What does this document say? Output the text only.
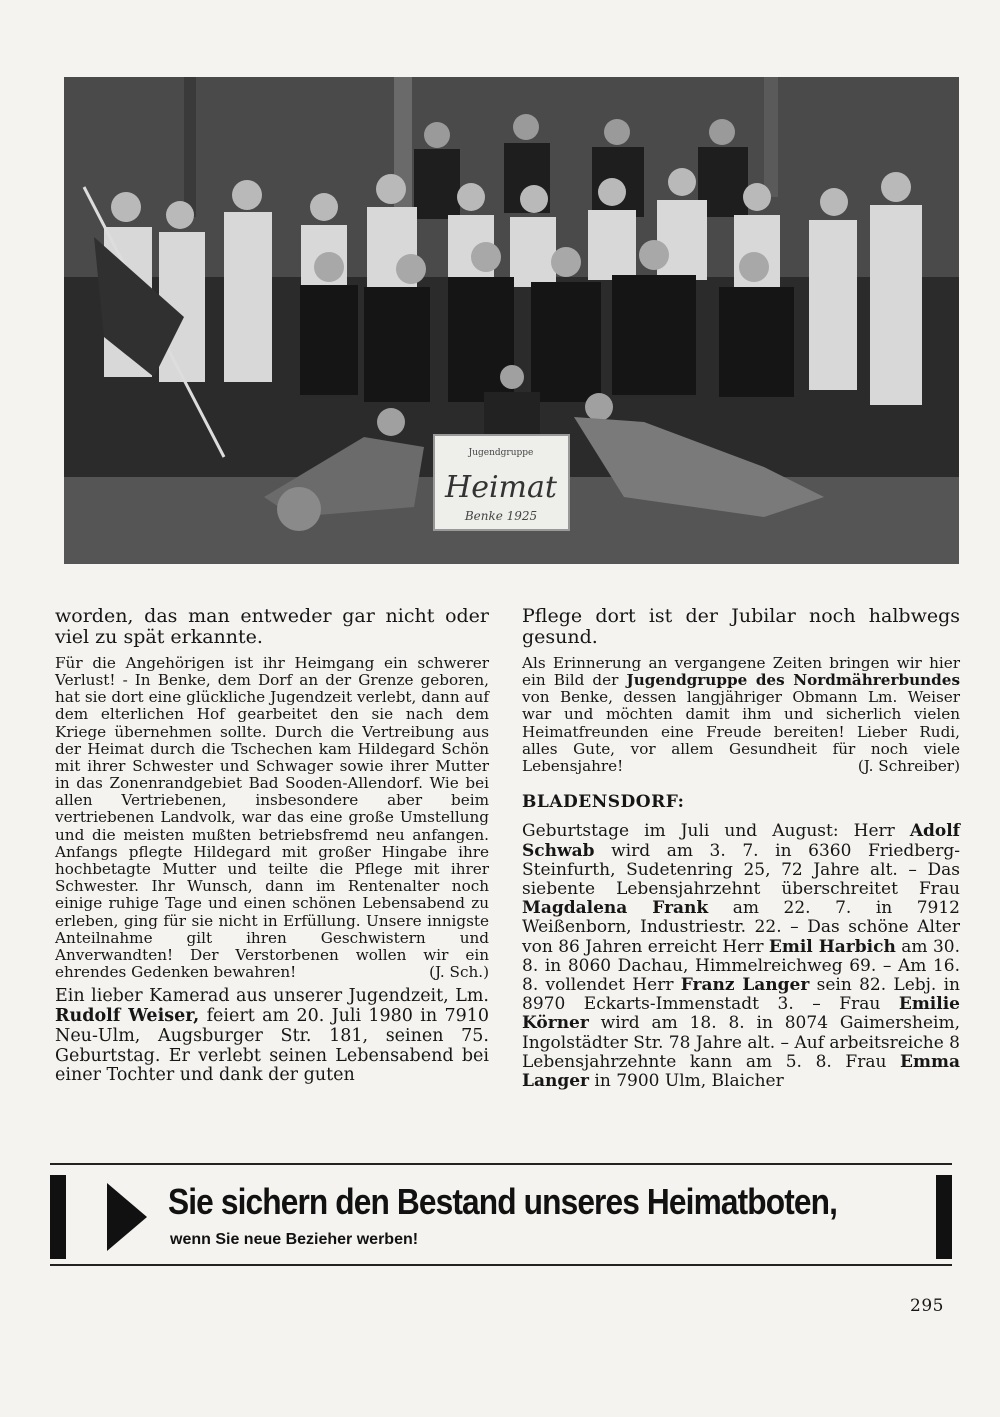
Jugendgruppe
Heimat
Benke 1925

worden, das man entweder gar nicht oder viel zu spät erkannte.

Für die Angehörigen ist ihr Heimgang ein schwerer Verlust! - In Benke, dem Dorf an der Grenze geboren, hat sie dort eine glückliche Jugendzeit verlebt, dann auf dem elterlichen Hof gearbeitet den sie nach dem Kriege übernehmen sollte. Durch die Vertreibung aus der Heimat durch die Tschechen kam Hildegard Schön mit ihrer Schwester und Schwager sowie ihrer Mutter in das Zonenrandgebiet Bad Sooden-Allendorf. Wie bei allen Vertriebenen, insbesondere aber beim vertriebenen Landvolk, war das eine große Umstellung und die meisten mußten betriebsfremd neu anfangen. Anfangs pflegte Hildegard mit großer Hingabe ihre hochbetagte Mutter und teilte die Pflege mit ihrer Schwester. Ihr Wunsch, dann im Rentenalter noch einige ruhige Tage und einen schönen Lebensabend zu erleben, ging für sie nicht in Erfüllung. Unsere innigste Anteilnahme gilt ihren Geschwistern und Anverwandten! Der Verstorbenen wollen wir ein ehrendes Gedenken bewahren!	(J. Sch.)

Ein lieber Kamerad aus unserer Jugendzeit, Lm. Rudolf Weiser, feiert am 20. Juli 1980 in 7910 Neu-Ulm, Augsburger Str. 181, seinen 75. Geburtstag. Er verlebt seinen Lebensabend bei einer Tochter und dank der guten

Pflege dort ist der Jubilar noch halbwegs gesund.

Als Erinnerung an vergangene Zeiten bringen wir hier ein Bild der Jugendgruppe des Nordmährerbundes von Benke, dessen langjähriger Obmann Lm. Weiser war und möchten damit ihm und sicherlich vielen Heimatfreunden eine Freude bereiten! Lieber Rudi, alles Gute, vor allem Gesundheit für noch viele Lebensjahre!	(J. Schreiber)

BLADENSDORF:

Geburtstage im Juli und August: Herr Adolf Schwab wird am 3. 7. in 6360 Friedberg-Steinfurth, Sudetenring 25, 72 Jahre alt. – Das siebente Lebensjahrzehnt überschreitet Frau Magdalena Frank am 22. 7. in 7912 Weißenborn, Industriestr. 22. – Das schöne Alter von 86 Jahren erreicht Herr Emil Harbich am 30. 8. in 8060 Dachau, Himmelreichweg 69. – Am 16. 8. vollendet Herr Franz Langer sein 82. Lebj. in 8970 Eckarts-Immenstadt 3. – Frau Emilie Körner wird am 18. 8. in 8074 Gaimersheim, Ingolstädter Str. 78 Jahre alt. – Auf arbeitsreiche 8 Lebensjahrzehnte kann am 5. 8. Frau Emma Langer in 7900 Ulm, Blaicher

Sie sichern den Bestand unseres Heimatboten,
wenn Sie neue Bezieher werben!
295
